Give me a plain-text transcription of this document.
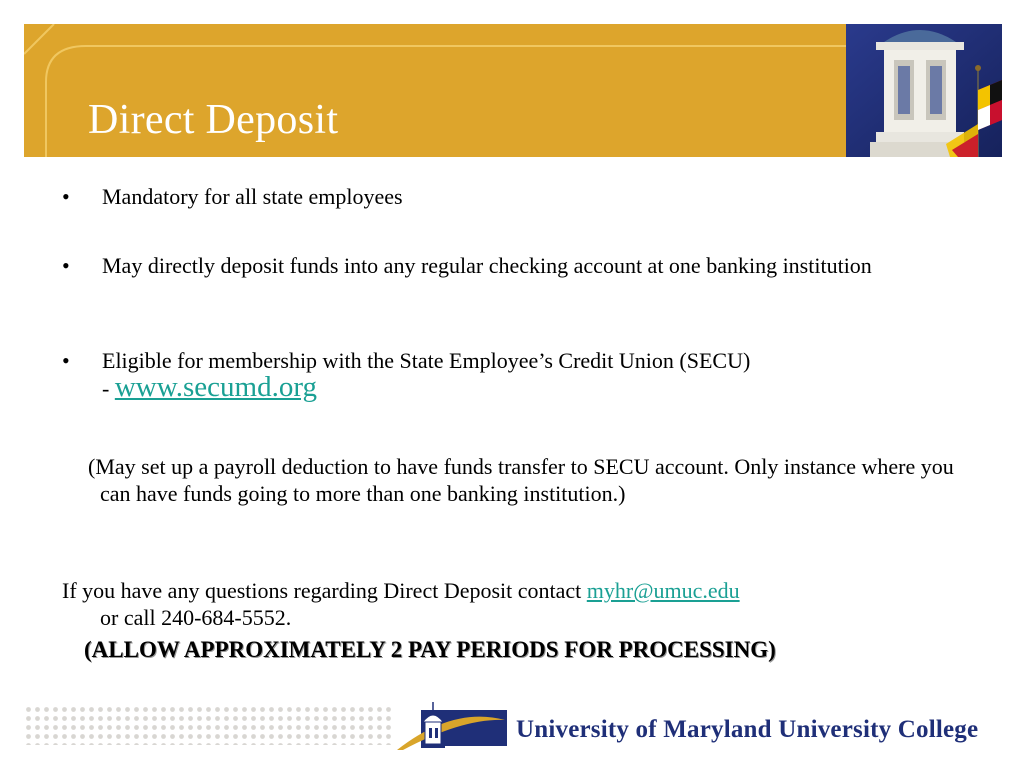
Direct Deposit
• Mandatory for all state employees
• May directly deposit funds into any regular checking account at one banking institution
• Eligible for membership with the State Employee’s Credit Union (SECU)
- www.secumd.org
(May set up a payroll deduction to have funds transfer to SECU account. Only instance where you can have funds going to more than one banking institution.)
If you have any questions regarding Direct Deposit contact myhr@umuc.edu
or call 240-684-5552.
(ALLOW APPROXIMATELY 2 PAY PERIODS FOR PROCESSING)
University of Maryland University College
